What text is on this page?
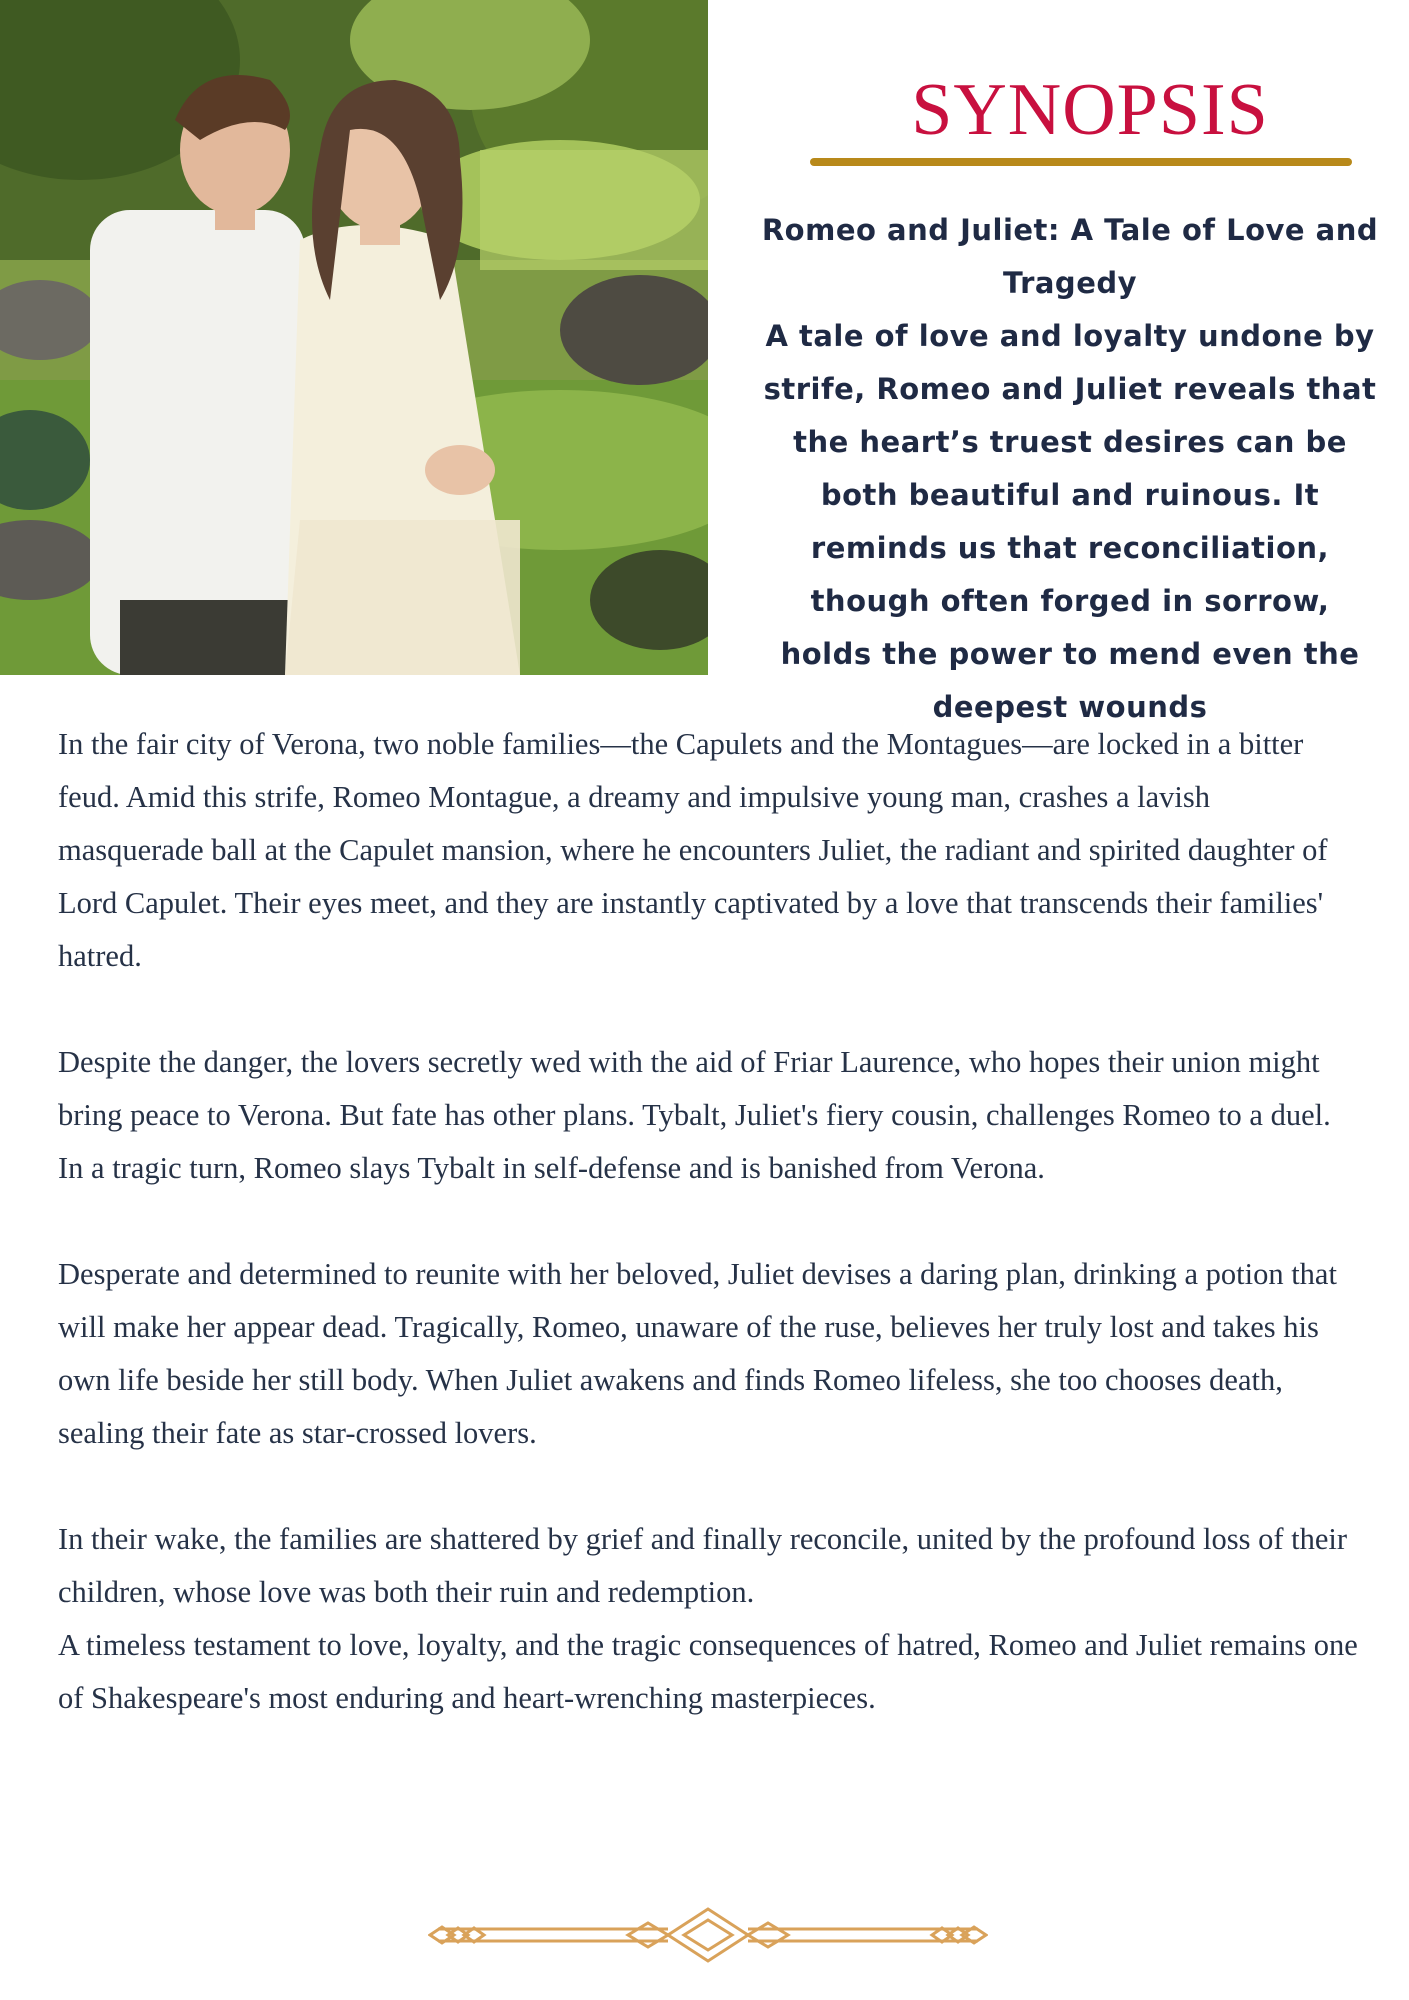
SYNOPSIS
Romeo and Juliet: A Tale of Love and Tragedy
A tale of love and loyalty undone by strife, Romeo and Juliet reveals that the heart’s truest desires can be both beautiful and ruinous. It reminds us that reconciliation, though often forged in sorrow, holds the power to mend even the deepest wounds

In the fair city of Verona, two noble families—the Capulets and the Montagues—are locked in a bitter feud. Amid this strife, Romeo Montague, a dreamy and impulsive young man, crashes a lavish masquerade ball at the Capulet mansion, where he encounters Juliet, the radiant and spirited daughter of Lord Capulet. Their eyes meet, and they are instantly captivated by a love that transcends their families' hatred.

Despite the danger, the lovers secretly wed with the aid of Friar Laurence, who hopes their union might bring peace to Verona. But fate has other plans. Tybalt, Juliet's fiery cousin, challenges Romeo to a duel. In a tragic turn, Romeo slays Tybalt in self-defense and is banished from Verona.

Desperate and determined to reunite with her beloved, Juliet devises a daring plan, drinking a potion that will make her appear dead. Tragically, Romeo, unaware of the ruse, believes her truly lost and takes his own life beside her still body. When Juliet awakens and finds Romeo lifeless, she too chooses death, sealing their fate as star-crossed lovers.

In their wake, the families are shattered by grief and finally reconcile, united by the profound loss of their children, whose love was both their ruin and redemption.

A timeless testament to love, loyalty, and the tragic consequences of hatred, Romeo and Juliet remains one of Shakespeare's most enduring and heart-wrenching masterpieces.
